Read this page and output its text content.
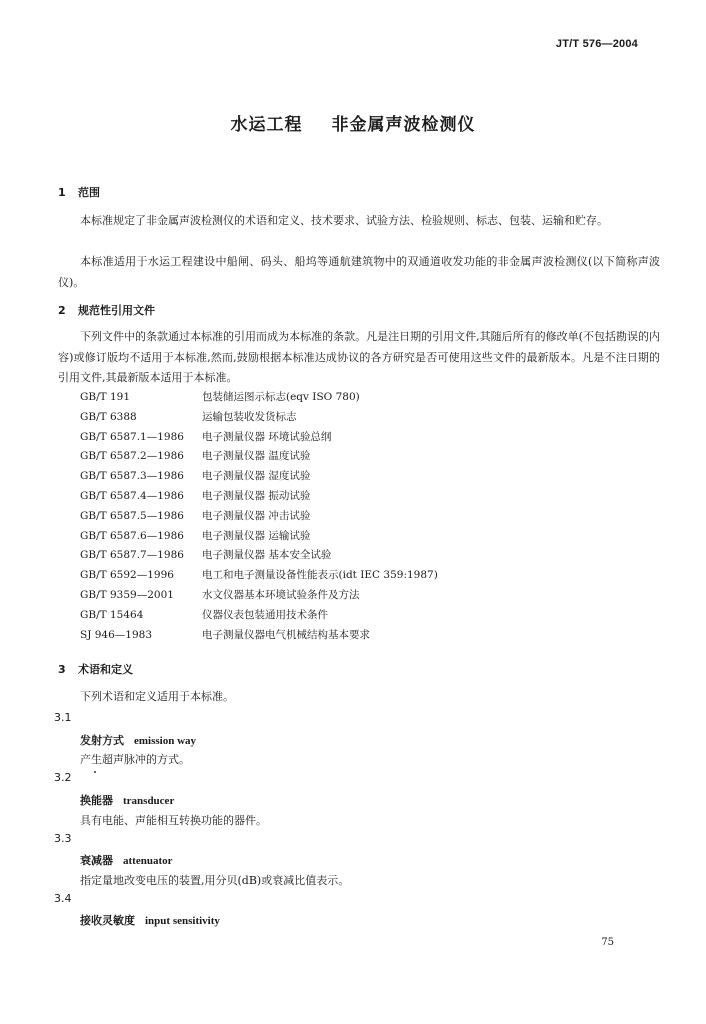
JT/T 576—2004
水运工程 非金属声波检测仪
1 范围
本标准规定了非金属声波检测仪的术语和定义、技术要求、试验方法、检验规则、标志、包装、运输和贮存。
本标准适用于水运工程建设中船闸、码头、船坞等通航建筑物中的双通道收发功能的非金属声波检测仪(以下简称声波仪)。
2 规范性引用文件
下列文件中的条款通过本标准的引用而成为本标准的条款。凡是注日期的引用文件,其随后所有的修改单(不包括勘误的内容)或修订版均不适用于本标准,然而,鼓励根据本标准达成协议的各方研究是否可使用这些文件的最新版本。凡是不注日期的引用文件,其最新版本适用于本标准。
GB/T 191	包装储运图示标志(eqv ISO 780)
GB/T 6388	运输包装收发货标志
GB/T 6587.1—1986 电子测量仪器 环境试验总纲
GB/T 6587.2—1986 电子测量仪器 温度试验
GB/T 6587.3—1986 电子测量仪器 湿度试验
GB/T 6587.4—1986 电子测量仪器 振动试验
GB/T 6587.5—1986 电子测量仪器 冲击试验
GB/T 6587.6—1986 电子测量仪器 运输试验
GB/T 6587.7—1986 电子测量仪器 基本安全试验
GB/T 6592—1996	电工和电子测量设备性能表示(idt IEC 359:1987)
GB/T 9359—2001	水文仪器基本环境试验条件及方法
GB/T 15464	仪器仪表包装通用技术条件
SJ 946—1983	电子测量仪器电气机械结构基本要求
3 术语和定义
下列术语和定义适用于本标准。
3.1
发射方式 emission way
产生超声脉冲的方式。
3.2
换能器 transducer
具有电能、声能相互转换功能的器件。
3.3
衰减器 attenuator
指定量地改变电压的装置,用分贝(dB)或衰减比值表示。
3.4
接收灵敏度 input sensitivity
75
